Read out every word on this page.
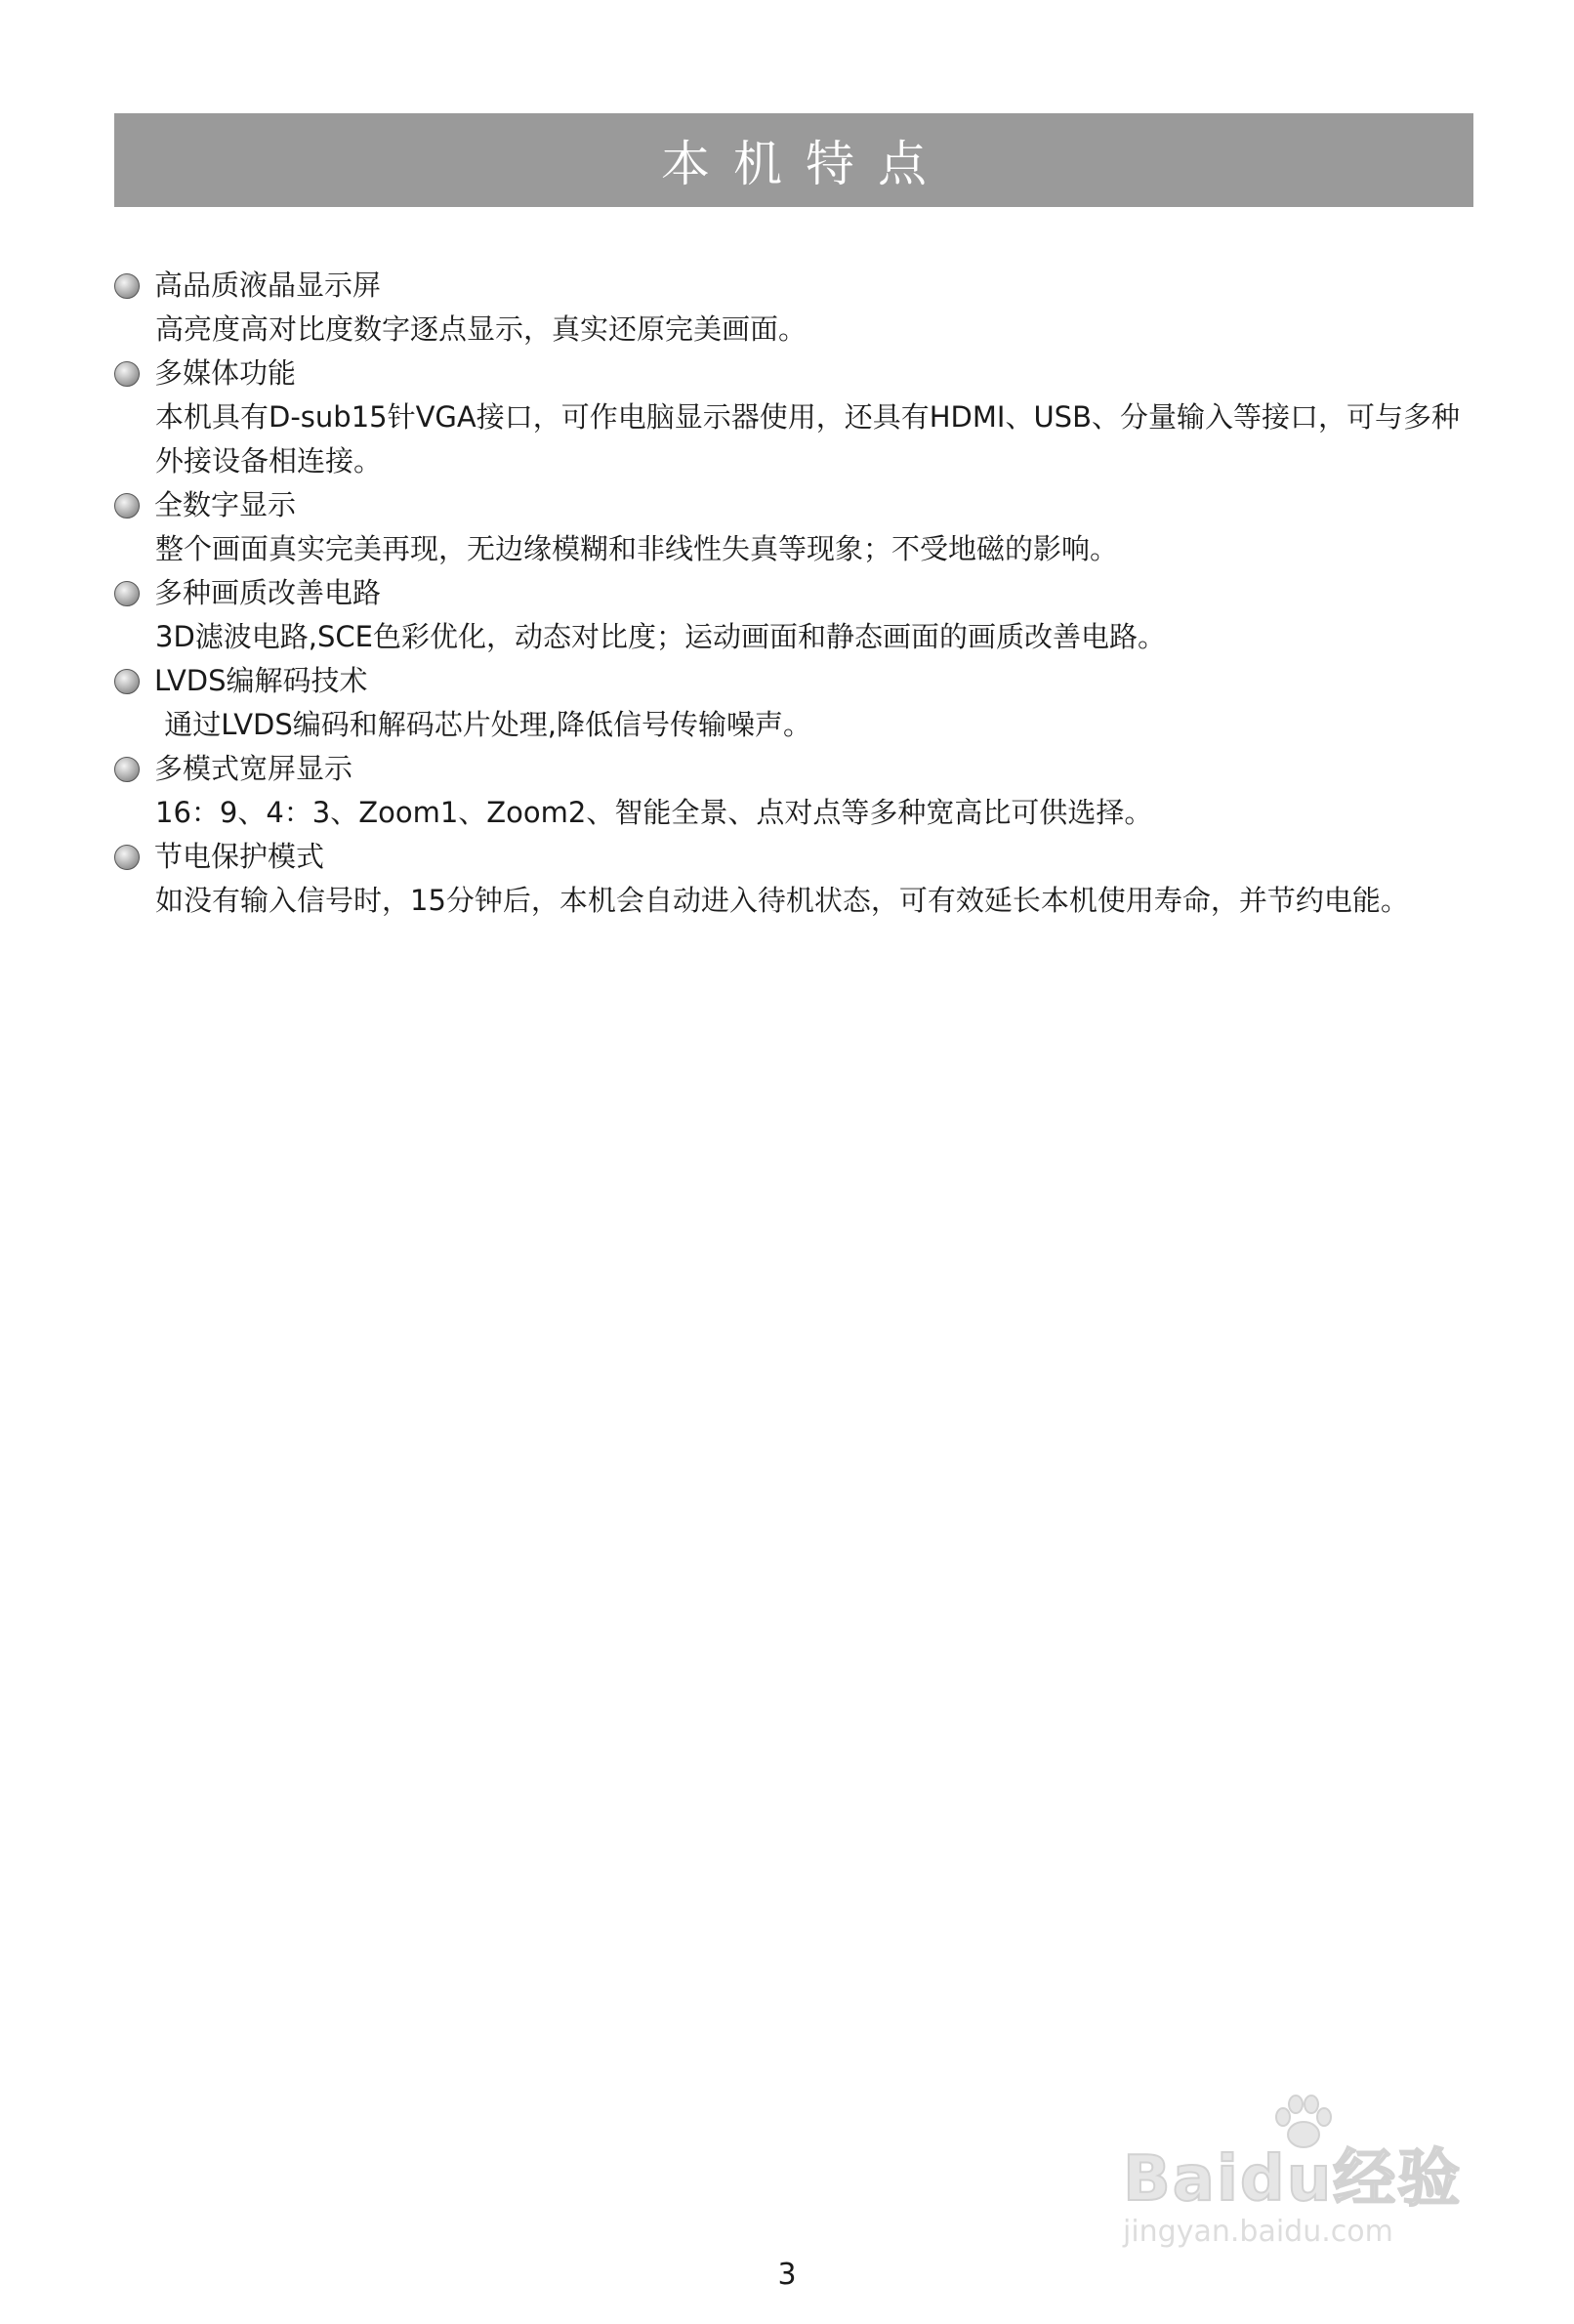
本机特点
高品质液晶显示屏

高亮度高对比度数字逐点显示，真实还原完美画面。

多媒体功能

本机具有D-sub15针VGA接口，可作电脑显示器使用，还具有HDMI、USB、分量输入等接口，可与多种外接设备相连接。

全数字显示

整个画面真实完美再现，无边缘模糊和非线性失真等现象；不受地磁的影响。

多种画质改善电路

3D滤波电路,SCE色彩优化，动态对比度；运动画面和静态画面的画质改善电路。

LVDS编解码技术

通过LVDS编码和解码芯片处理,降低信号传输噪声。

多模式宽屏显示

16：9、4：3、Zoom1、Zoom2、智能全景、点对点等多种宽高比可供选择。

节电保护模式

如没有输入信号时，15分钟后，本机会自动进入待机状态，可有效延长本机使用寿命，并节约电能。

Baidu经验
jingyan.baidu.com
3
